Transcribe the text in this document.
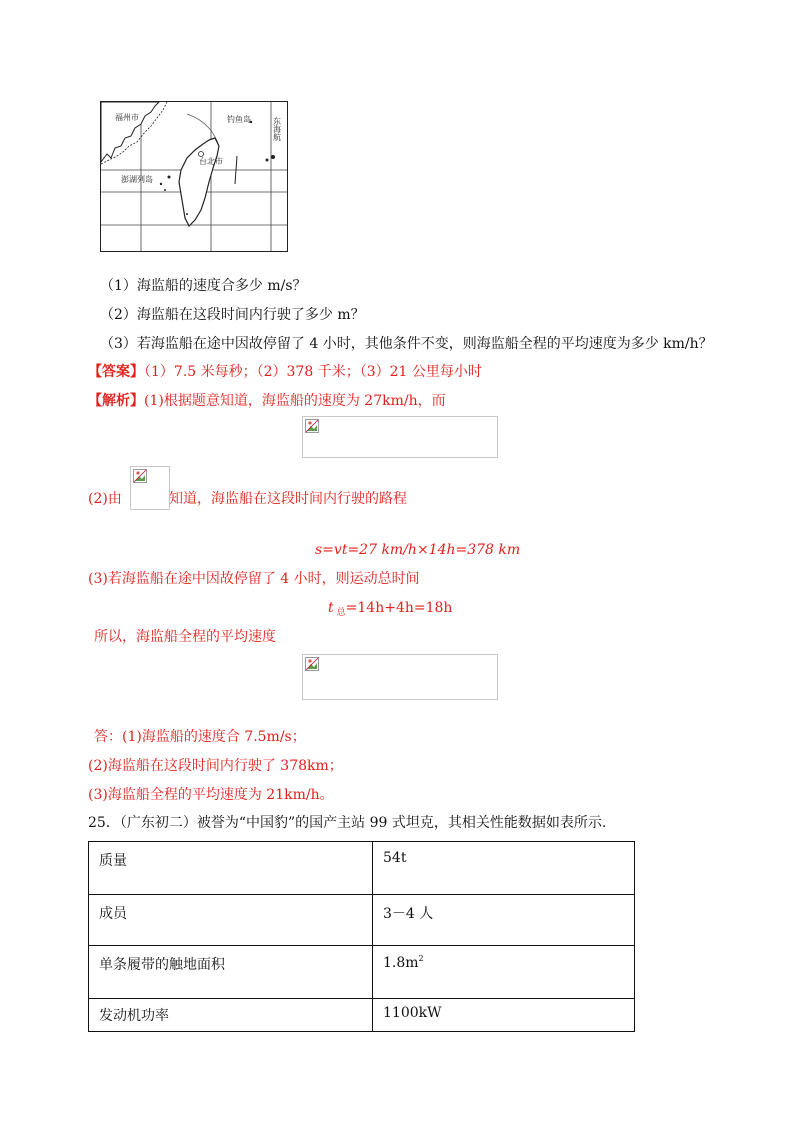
福州市	钓鱼岛
台北市
澎湖列岛
东
海
航
（1）海监船的速度合多少 m/s？
（2）海监船在这段时间内行驶了多少 m？
（3）若海监船在途中因故停留了 4 小时，其他条件不变，则海监船全程的平均速度为多少 km/h？
【答案】（1）7.5 米每秒；（2）378 千米；（3）21 公里每小时
【解析】(1)根据题意知道，海监船的速度为 27km/h，而
(2)由	知道，海监船在这段时间内行驶的路程
s=vt=27 km/h×14h=378 km
(3)若海监船在途中因故停留了 4 小时，则运动总时间
t $_总$=14h+4h=18h
所以，海监船全程的平均速度
答：(1)海监船的速度合 7.5m/s；
(2)海监船在这段时间内行驶了 378km；
(3)海监船全程的平均速度为 21km/h。
25．（广东初二）被誉为“中国豹”的国产主站 99 式坦克，其相关性能数据如表所示.
质量	54t
成员	3－4 人
单条履带的触地面积	$1.8m^2$
发动机功率	1100kW
